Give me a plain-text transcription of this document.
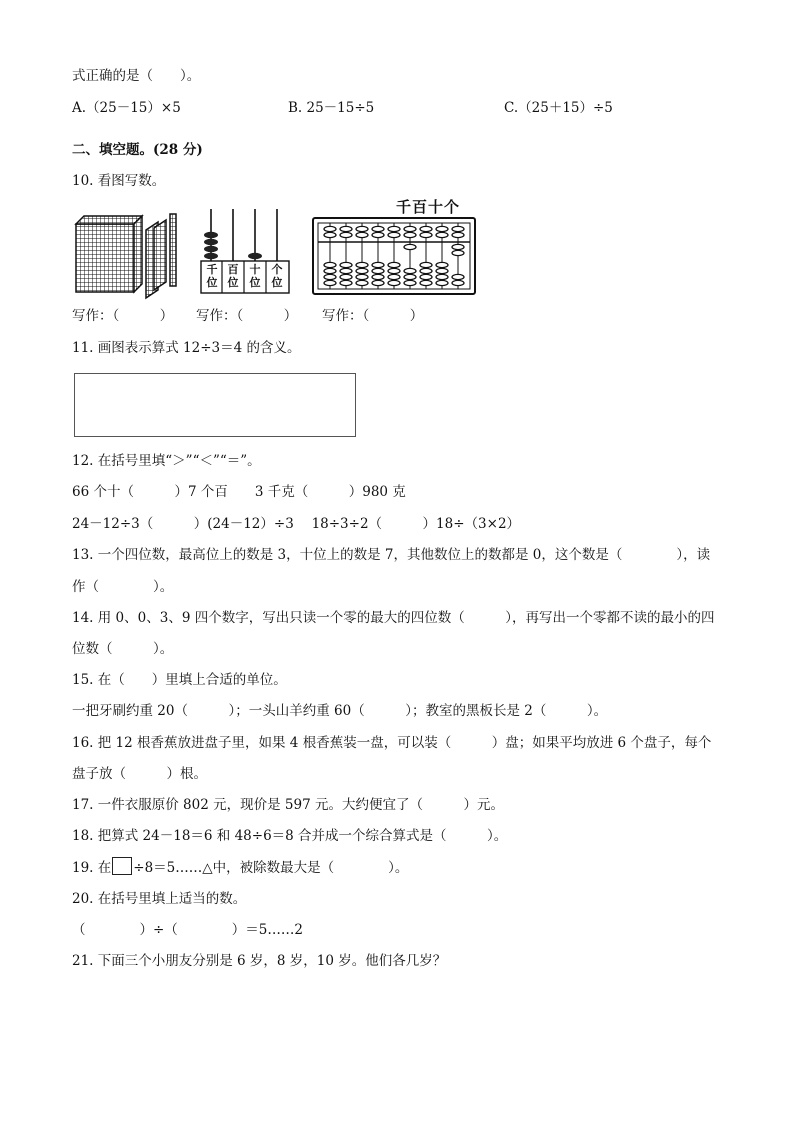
式正确的是（　　）。
A.（25－15）×5	B. 25－15÷5	C.（25＋15）÷5
二、填空题。(28 分)
10. 看图写数。
千位
百位
十位
个位
千百十个
写作：（　　　） 写作：（　　　） 写作：（　　　）
11. 画图表示算式 12÷3＝4 的含义。
12. 在括号里填“＞”“＜”“＝”。
66 个十（　　　）7 个百　　3 千克（　　　）980 克
24－12÷3（　　　）(24－12）÷3　 18÷3÷2（　　　）18÷（3×2）
13. 一个四位数，最高位上的数是 3，十位上的数是 7，其他数位上的数都是 0，这个数是（　　　　），读
作（　　　　）。
14. 用 0、0、3、9 四个数字，写出只读一个零的最大的四位数（　　　），再写出一个零都不读的最小的四
位数（　　　）。
15. 在（　　）里填上合适的单位。
一把牙刷约重 20（　　　）；一头山羊约重 60（　　　）；教室的黑板长是 2（　　　）。
16. 把 12 根香蕉放进盘子里，如果 4 根香蕉装一盘，可以装（　　　）盘；如果平均放进 6 个盘子，每个
盘子放（　　　）根。
17. 一件衣服原价 802 元，现价是 597 元。大约便宜了（　　　）元。
18. 把算式 24－18＝6 和 48÷6＝8 合并成一个综合算式是（　　　）。
19. 在 ÷8＝5……△中，被除数最大是（　　　　）。
20. 在括号里填上适当的数。
（　　　　）÷（　　　　）＝5……2
21. 下面三个小朋友分别是 6 岁，8 岁，10 岁。他们各几岁？
